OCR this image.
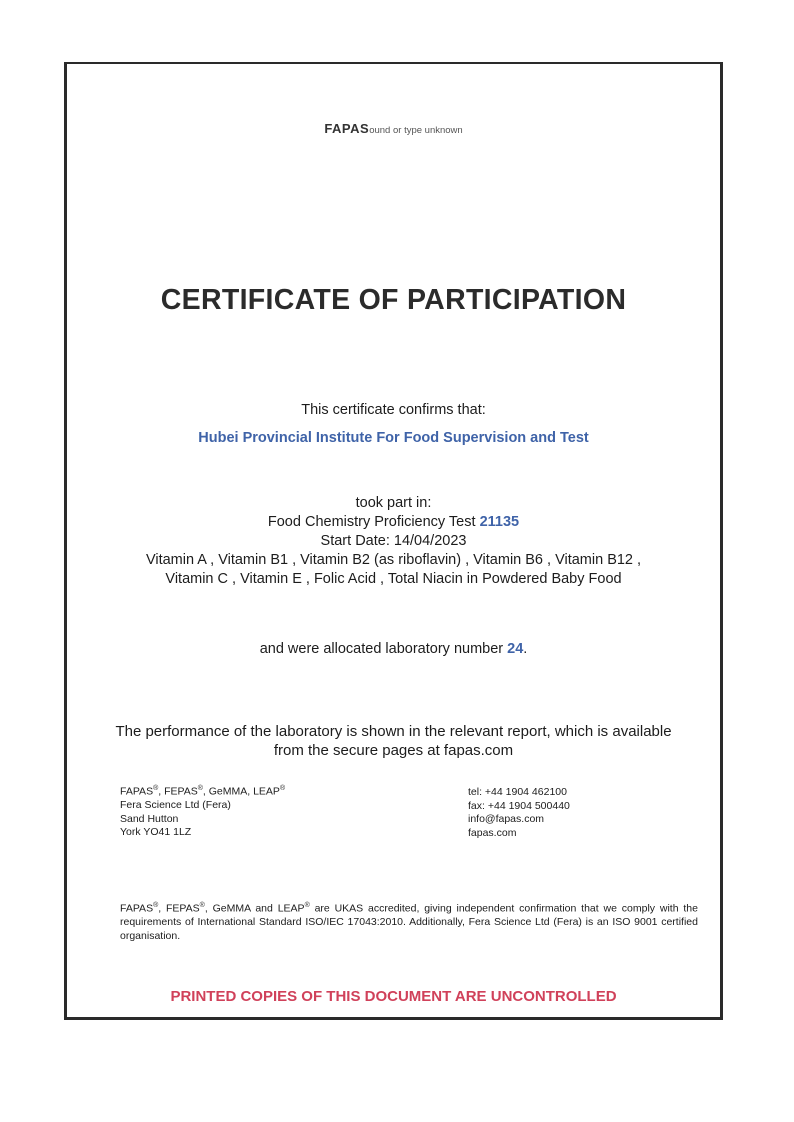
FAPASound or type unknown
CERTIFICATE OF PARTICIPATION
This certificate confirms that:
Hubei Provincial Institute For Food Supervision and Test
took part in:
Food Chemistry Proficiency Test 21135
Start Date: 14/04/2023
Vitamin A , Vitamin B1 , Vitamin B2 (as riboflavin) , Vitamin B6 , Vitamin B12 ,
Vitamin C , Vitamin E , Folic Acid , Total Niacin in Powdered Baby Food
and were allocated laboratory number 24.
The performance of the laboratory is shown in the relevant report, which is available
from the secure pages at fapas.com
FAPAS®, FEPAS®, GeMMA, LEAP®
Fera Science Ltd (Fera)
Sand Hutton
York YO41 1LZ
tel: +44 1904 462100
fax: +44 1904 500440
info@fapas.com
fapas.com
FAPAS®, FEPAS®, GeMMA and LEAP® are UKAS accredited, giving independent confirmation that we comply with the requirements of International Standard ISO/IEC 17043:2010. Additionally, Fera Science Ltd (Fera) is an ISO 9001 certified organisation.
PRINTED COPIES OF THIS DOCUMENT ARE UNCONTROLLED
